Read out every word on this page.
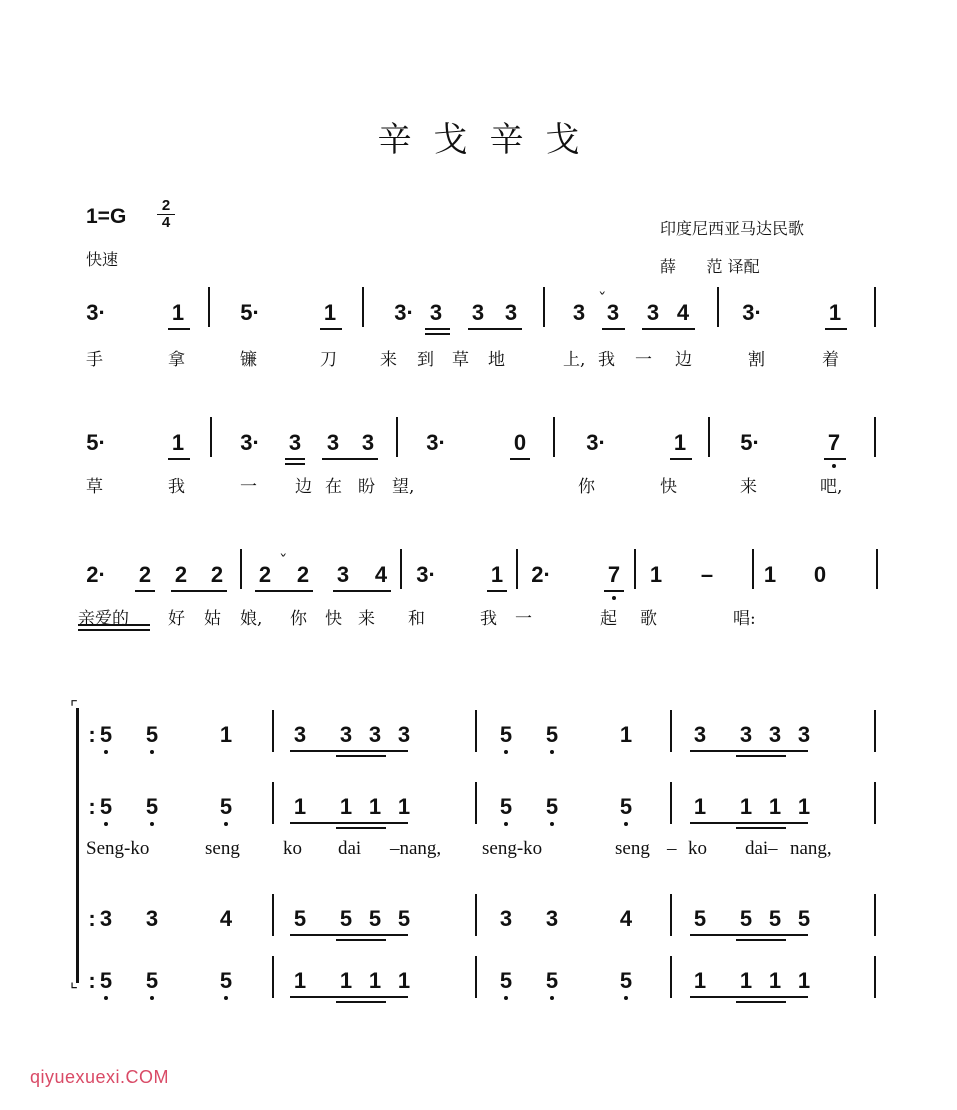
辛戈辛戈
1=G	2
4
快速
印度尼西亚马达民歌
薛      范 译配
3·	1	5·	1	3· 3 3 3	3 3 3 4 3·	1
ˇ
手	拿	镰	刀	来 到 草 地	上, 我 一 边	割	着
5·	1	3· 3 3 3 3·	0	3·	1 5·	7
草	我	一 边 在 盼 望,	你	快	来	吧,
2· 2 2 2 2 2 3 4 3·	1 2·	7 1 – 1 0
ˇ
亲爱的 好 姑 娘, 你 快 来 和	我 一	起 歌	唱:
⌜
⌞
: 5 5	1	3 3 3 3	5 5	1	3 3 3 3
: 5 5	5	1 1 1 1	5 5	5	1 1 1 1
Seng-ko	seng ko dai –nang, seng-ko	seng – ko dai – nang,
: 3 3	4	5 5 5 5	3 3	4	5 5 5 5
: 5 5	5	1 1 1 1	5 5	5	1 1 1 1
qiyuexuexi.COM
